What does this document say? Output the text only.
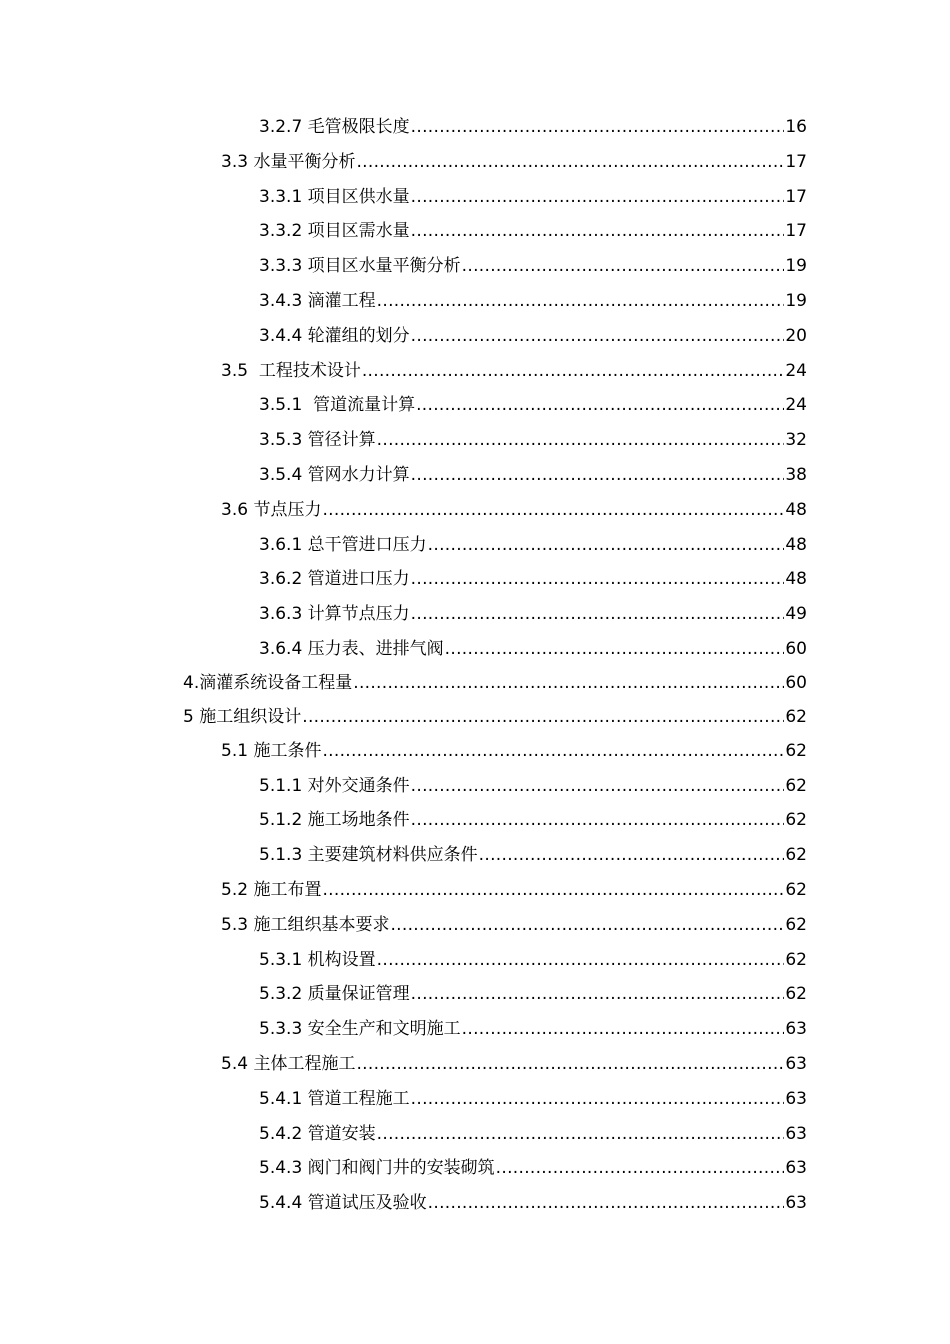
3.2.7 毛管极限长度 .....	16
3.3 水量平衡分析 .....	17
3.3.1 项目区供水量 .....	17
3.3.2 项目区需水量 .....	17
3.3.3 项目区水量平衡分析 .....	19
3.4.3 滴灌工程 .....	19
3.4.4 轮灌组的划分 .....	20
3.5  工程技术设计 .....	24
3.5.1  管道流量计算 .....	24
3.5.3 管径计算 .....	32
3.5.4 管网水力计算 .....	38
3.6 节点压力 .....	48
3.6.1 总干管进口压力 .....	48
3.6.2 管道进口压力 .....	48
3.6.3 计算节点压力 .....	49
3.6.4 压力表、进排气阀 .....	60
4.滴灌系统设备工程量 .....	60
5 施工组织设计 .....	62
5.1 施工条件 .....	62
5.1.1 对外交通条件 .....	62
5.1.2 施工场地条件 .....	62
5.1.3 主要建筑材料供应条件 .....	62
5.2 施工布置 .....	62
5.3 施工组织基本要求 .....	62
5.3.1 机构设置 .....	62
5.3.2 质量保证管理 .....	62
5.3.3 安全生产和文明施工 .....	63
5.4 主体工程施工 .....	63
5.4.1 管道工程施工 .....	63
5.4.2 管道安装 .....	63
5.4.3 阀门和阀门井的安装砌筑 .....	63
5.4.4 管道试压及验收 .....	63
